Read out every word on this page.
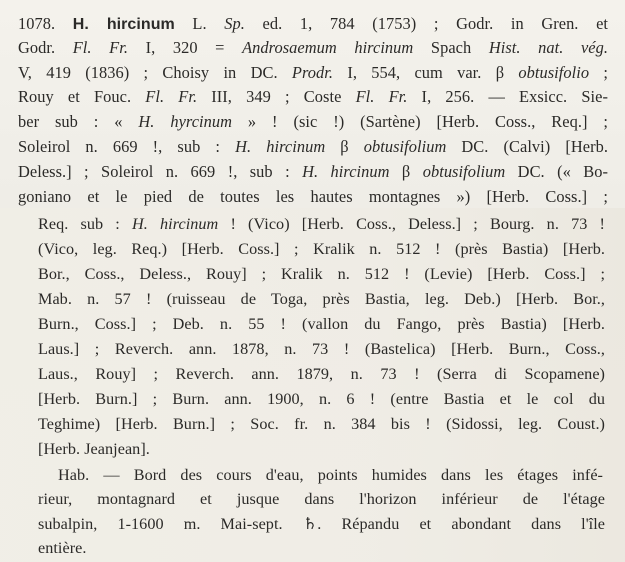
1078. H. hircinum L. Sp. ed. 1, 784 (1753) ; Godr. in Gren. et
Godr. Fl. Fr. I, 320 = Androsaemum hircinum Spach Hist. nat. vég.
V, 419 (1836) ; Choisy in DC. Prodr. I, 554, cum var. β obtusifolio ;
Rouy et Fouc. Fl. Fr. III, 349 ; Coste Fl. Fr. I, 256. — Exsicc. Sie-
ber sub : « H. hyrcinum » ! (sic !) (Sartène) [Herb. Coss., Req.] ;
Soleirol n. 669 !, sub : H. hircinum β obtusifolium DC. (Calvi) [Herb.
Deless.] ; Soleirol n. 669 !, sub : H. hircinum β obtusifolium DC. (« Bo-
goniano et le pied de toutes les hautes montagnes ») [Herb. Coss.] ;
Req. sub : H. hircinum ! (Vico) [Herb. Coss., Deless.] ; Bourg. n. 73 !
(Vico, leg. Req.) [Herb. Coss.] ; Kralik n. 512 ! (près Bastia) [Herb.
Bor., Coss., Deless., Rouy] ; Kralik n. 512 ! (Levie) [Herb. Coss.] ;
Mab. n. 57 ! (ruisseau de Toga, près Bastia, leg. Deb.) [Herb. Bor.,
Burn., Coss.] ; Deb. n. 55 ! (vallon du Fango, près Bastia) [Herb.
Laus.] ; Reverch. ann. 1878, n. 73 ! (Bastelica) [Herb. Burn., Coss.,
Laus., Rouy] ; Reverch. ann. 1879, n. 73 ! (Serra di Scopamene)
[Herb. Burn.] ; Burn. ann. 1900, n. 6 ! (entre Bastia et le col du
Teghime) [Herb. Burn.] ; Soc. fr. n. 384 bis ! (Sidossi, leg. Coust.)
[Herb. Jeanjean].
Hab. — Bord des cours d'eau, points humides dans les étages infé-
rieur, montagnard et jusque dans l'horizon inférieur de l'étage
subalpin, 1-1600 m. Mai-sept. ♄. Répandu et abondant dans l'île
entière.
